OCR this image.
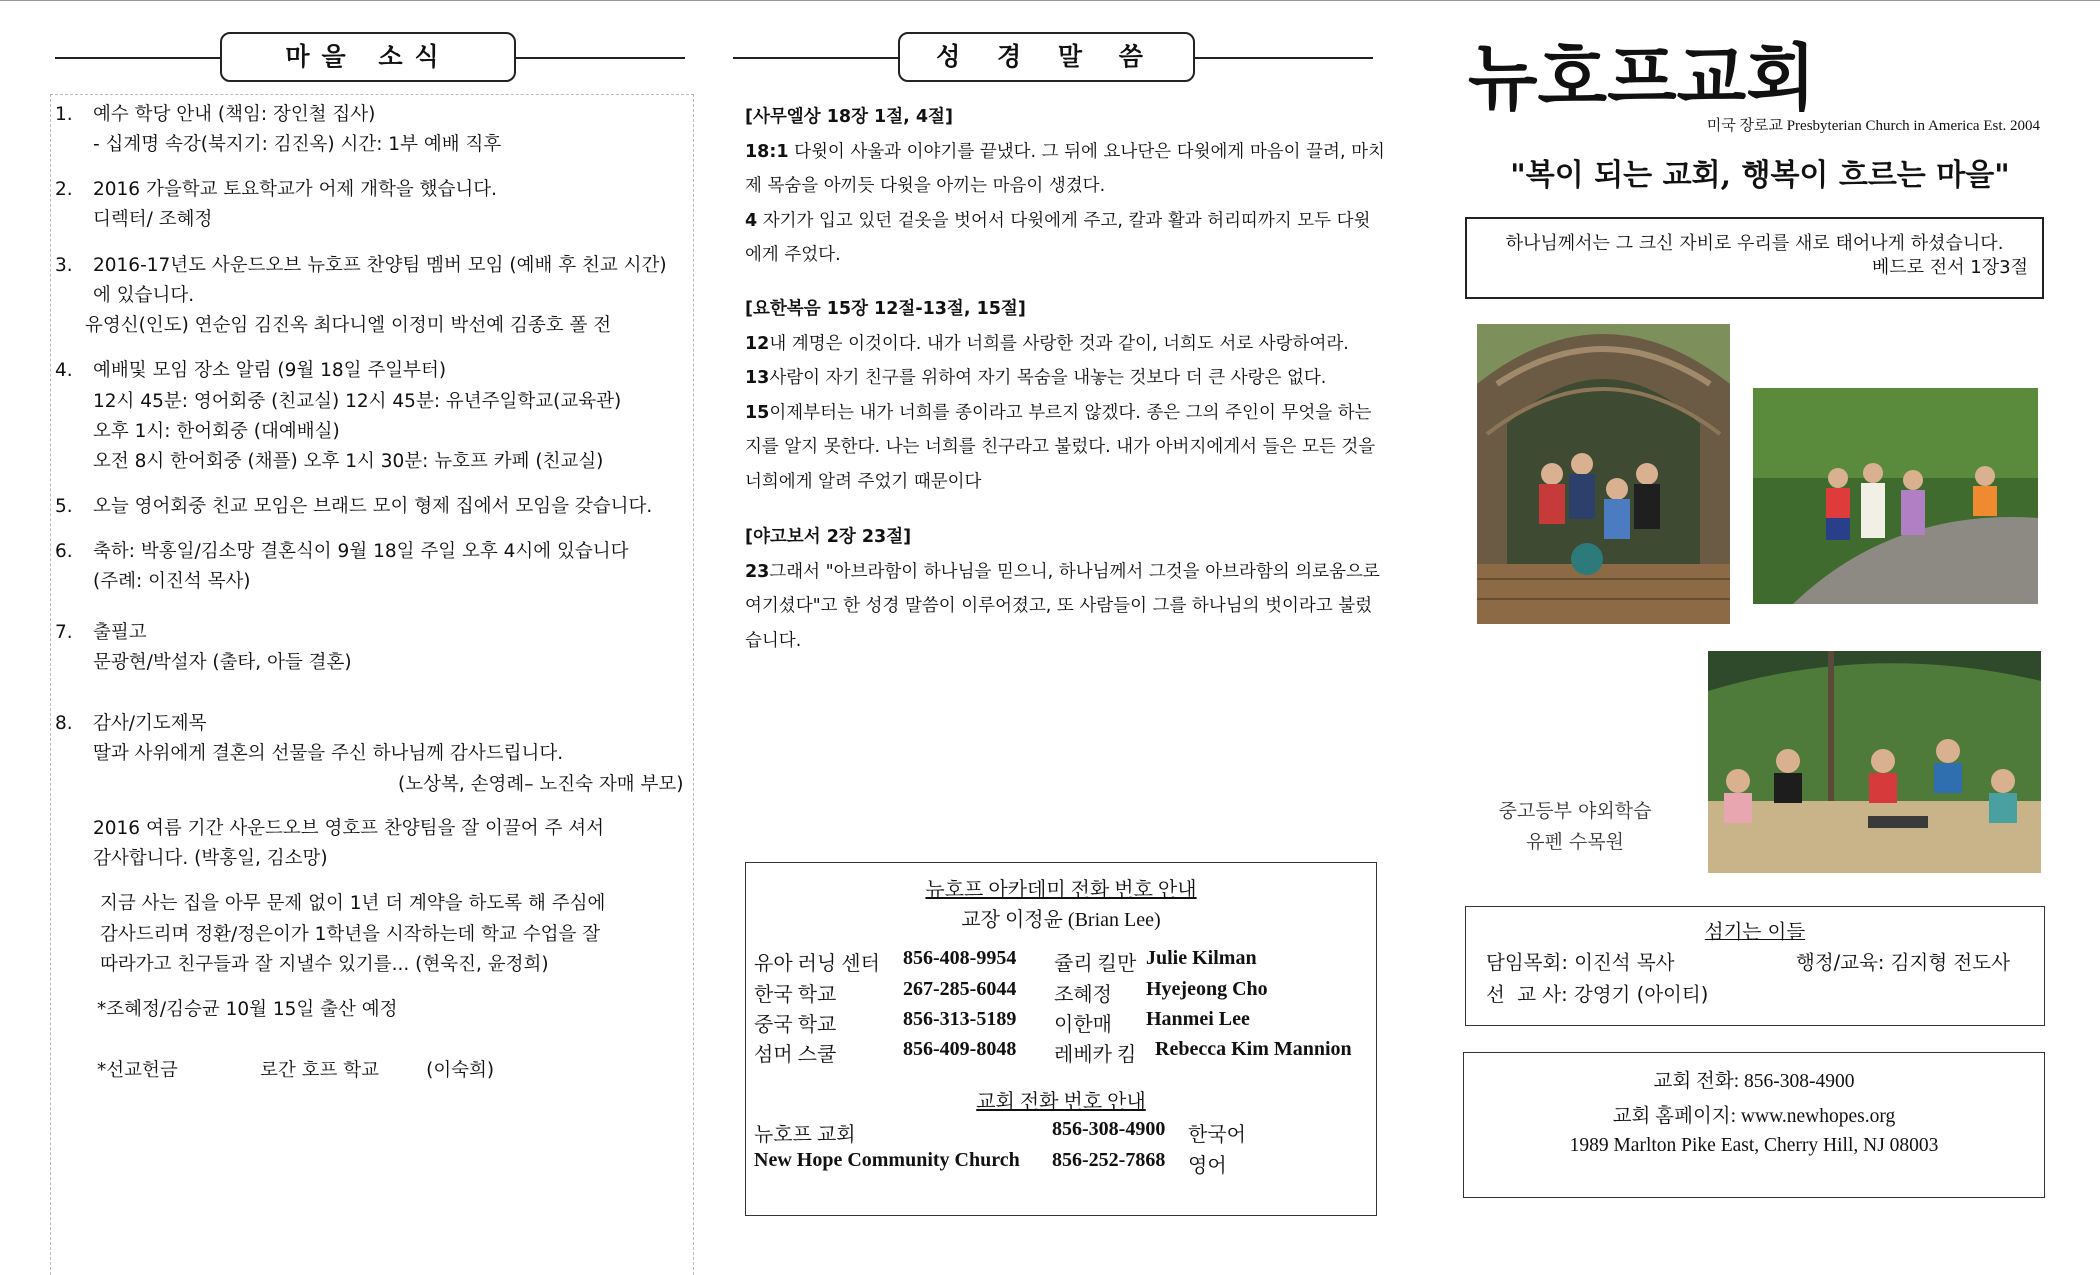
마을 소식
1. 예수 학당 안내 (책임: 장인철 집사)
- 십계명 속강(북지기: 김진옥) 시간: 1부 예배 직후
2. 2016 가을학교 토요학교가 어제 개학을 했습니다.
디렉터/ 조혜정
3. 2016-17년도 사운드오브 뉴호프 찬양팀 멤버 모임 (예배 후 친교 시간)
에 있습니다.
유영신(인도) 연순임 김진옥 최다니엘 이정미 박선예 김종호 폴 전
4. 예배및 모임 장소 알림 (9월 18일 주일부터)
12시 45분: 영어회중 (친교실) 12시 45분: 유년주일학교(교육관)
오후 1시: 한어회중 (대예배실)
오전 8시 한어회중 (채플) 오후 1시 30분: 뉴호프 카페 (친교실)
5. 오늘 영어회중 친교 모임은 브래드 모이 형제 집에서 모임을 갖습니다.
6. 축하: 박홍일/김소망 결혼식이 9월 18일 주일 오후 4시에 있습니다
(주례: 이진석 목사)
7. 출필고
문광현/박설자 (출타, 아들 결혼)
8. 감사/기도제목
딸과 사위에게 결혼의 선물을 주신 하나님께 감사드립니다.
(노상복, 손영례– 노진숙 자매 부모)
2016 여름 기간 사운드오브 영호프 찬양팀을 잘 이끌어 주 셔서
감사합니다. (박홍일, 김소망)
지금 사는 집을 아무 문제 없이 1년 더 계약을 하도록 해 주심에
감사드리며 정환/정은이가 1학년을 시작하는데 학교 수업을 잘
따라가고 친구들과 잘 지낼수 있기를... (현욱진, 윤정희)
*조혜정/김승균 10월 15일 출산 예정
*선교헌금              로간 호프 학교        (이숙희)
성 경 말 씀
[사무엘상 18장 1절, 4절]
18:1 다윗이 사울과 이야기를 끝냈다. 그 뒤에 요나단은 다윗에게 마음이 끌려, 마치 제 목숨을 아끼듯 다윗을 아끼는 마음이 생겼다.
4 자기가 입고 있던 겉옷을 벗어서 다윗에게 주고, 칼과 활과 허리띠까지 모두 다윗에게 주었다.
[요한복음 15장 12절-13절, 15절]
12내 계명은 이것이다. 내가 너희를 사랑한 것과 같이, 너희도 서로 사랑하여라.
13사람이 자기 친구를 위하여 자기 목숨을 내놓는 것보다 더 큰 사랑은 없다.
15이제부터는 내가 너희를 종이라고 부르지 않겠다. 종은 그의 주인이 무엇을 하는지를 알지 못한다. 나는 너희를 친구라고 불렀다. 내가 아버지에게서 들은 모든 것을 너희에게 알려 주었기 때문이다
[야고보서 2장 23절]
23그래서 "아브라함이 하나님을 믿으니, 하나님께서 그것을 아브라함의 의로움으로 여기셨다"고 한 성경 말씀이 이루어졌고, 또 사람들이 그를 하나님의 벗이라고 불렀습니다.
뉴호프 아카데미 전화 번호 안내
교장 이정윤 (Brian Lee)
유아 러닝 센터 856-408-9954 쥴리 킬만 Julie Kilman
한국 학교	267-285-6044 조혜정 Hyejeong Cho
중국 학교	856-313-5189 이한매 Hanmei Lee
섬머 스쿨	856-409-8048 레베카 킴 Rebecca Kim Mannion
교회 전화 번호 안내
뉴호프 교회	856-308-4900 한국어
New Hope Community Church 856-252-7868 영어
뉴호프교회
미국 장로교 Presbyterian Church in America Est. 2004
"복이 되는 교회, 행복이 흐르는 마을"
하나님께서는 그 크신 자비로 우리를 새로 태어나게 하셨습니다.
베드로 전서 1장3절
중고등부 야외학습
유펜 수목원
섬기는 이들
담임목회: 이진석 목사	행정/교육: 김지형 전도사
선  교 사: 강영기 (아이티)
교회 전화: 856-308-4900
교회 홈페이지: www.newhopes.org
1989 Marlton Pike East, Cherry Hill, NJ 08003
